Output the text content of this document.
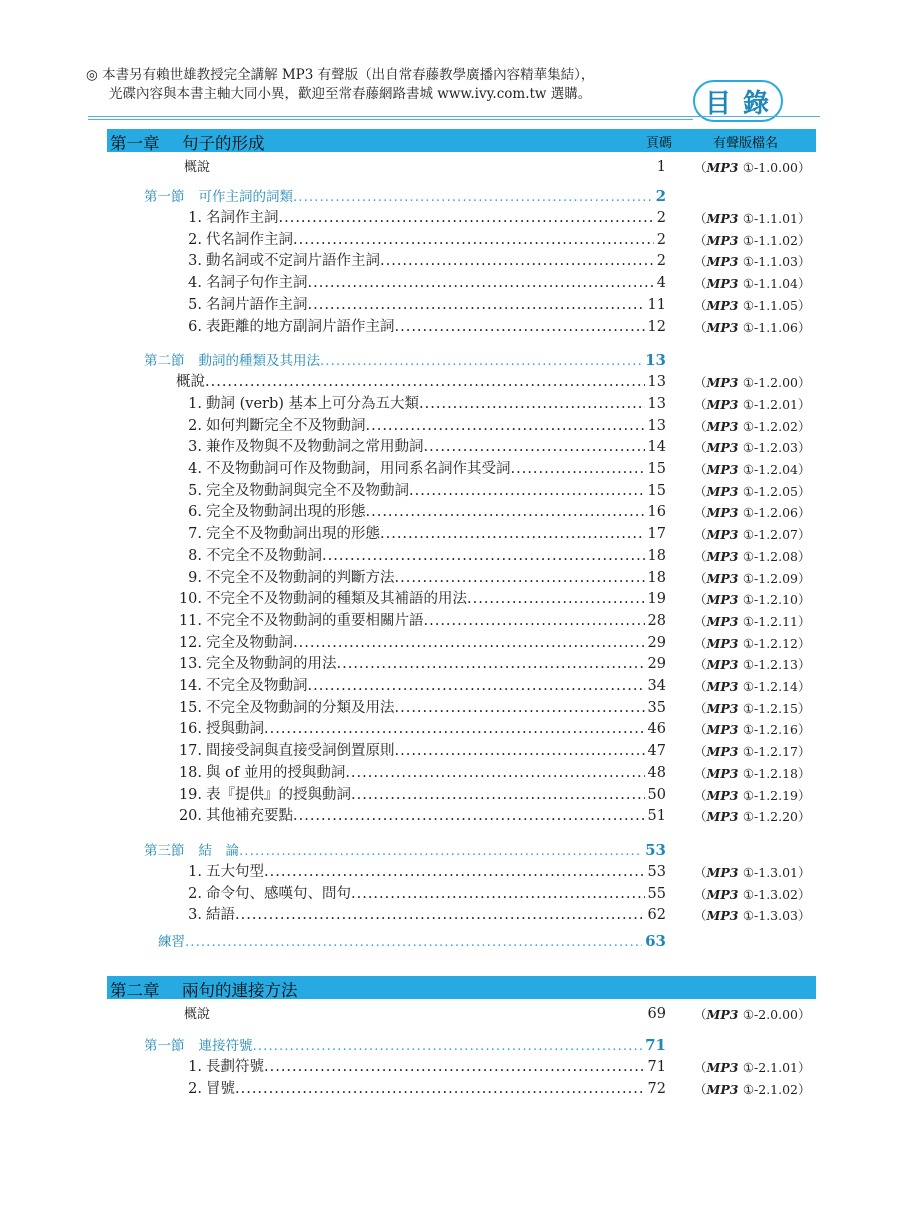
◎ 本書另有賴世雄教授完全講解 MP3 有聲版（出自常春藤教學廣播內容精華集結），
光碟內容與本書主軸大同小異，歡迎至常春藤網路書城 www.ivy.com.tw 選購。	目錄
第一章 句子的形成	頁碼	有聲版檔名
概說	1 （MP3 ①-1.0.00）
第一節 可作主詞的詞類 .....	2
1. 名詞作主詞 .....	2 （MP3 ①-1.1.01）
2. 代名詞作主詞 .....	2 （MP3 ①-1.1.02）
3. 動名詞或不定詞片語作主詞 .....	2 （MP3 ①-1.1.03）
4. 名詞子句作主詞 .....	4 （MP3 ①-1.1.04）
5. 名詞片語作主詞 .....	11 （MP3 ①-1.1.05）
6. 表距離的地方副詞片語作主詞 .....	12 （MP3 ①-1.1.06）
第二節 動詞的種類及其用法 .....	13
概說 .....	13 （MP3 ①-1.2.00）
1. 動詞 (verb) 基本上可分為五大類 .....	13 （MP3 ①-1.2.01）
2. 如何判斷完全不及物動詞 .....	13 （MP3 ①-1.2.02）
3. 兼作及物與不及物動詞之常用動詞 .....	14 （MP3 ①-1.2.03）
4. 不及物動詞可作及物動詞，用同系名詞作其受詞 .....	15 （MP3 ①-1.2.04）
5. 完全及物動詞與完全不及物動詞 .....	15 （MP3 ①-1.2.05）
6. 完全及物動詞出現的形態 .....	16 （MP3 ①-1.2.06）
7. 完全不及物動詞出現的形態 .....	17 （MP3 ①-1.2.07）
8. 不完全不及物動詞 .....	18 （MP3 ①-1.2.08）
9. 不完全不及物動詞的判斷方法 .....	18 （MP3 ①-1.2.09）
10. 不完全不及物動詞的種類及其補語的用法 .....	19 （MP3 ①-1.2.10）
11. 不完全不及物動詞的重要相關片語 .....	28 （MP3 ①-1.2.11）
12. 完全及物動詞 .....	29 （MP3 ①-1.2.12）
13. 完全及物動詞的用法 .....	29 （MP3 ①-1.2.13）
14. 不完全及物動詞 .....	34 （MP3 ①-1.2.14）
15. 不完全及物動詞的分類及用法 .....	35 （MP3 ①-1.2.15）
16. 授與動詞 .....	46 （MP3 ①-1.2.16）
17. 間接受詞與直接受詞倒置原則 .....	47 （MP3 ①-1.2.17）
18. 與 of 並用的授與動詞 .....	48 （MP3 ①-1.2.18）
19. 表『提供』的授與動詞 .....	50 （MP3 ①-1.2.19）
20. 其他補充要點 .....	51 （MP3 ①-1.2.20）
第三節 結　論 .....	53
1. 五大句型 .....	53 （MP3 ①-1.3.01）
2. 命令句、感嘆句、問句 .....	55 （MP3 ①-1.3.02）
3. 結語 .....	62 （MP3 ①-1.3.03）
練習 .....	63
第二章 兩句的連接方法
概說	69 （MP3 ①-2.0.00）
第一節 連接符號 .....	71
1. 長劃符號 .....	71 （MP3 ①-2.1.01）
2. 冒號 .....	72 （MP3 ①-2.1.02）
